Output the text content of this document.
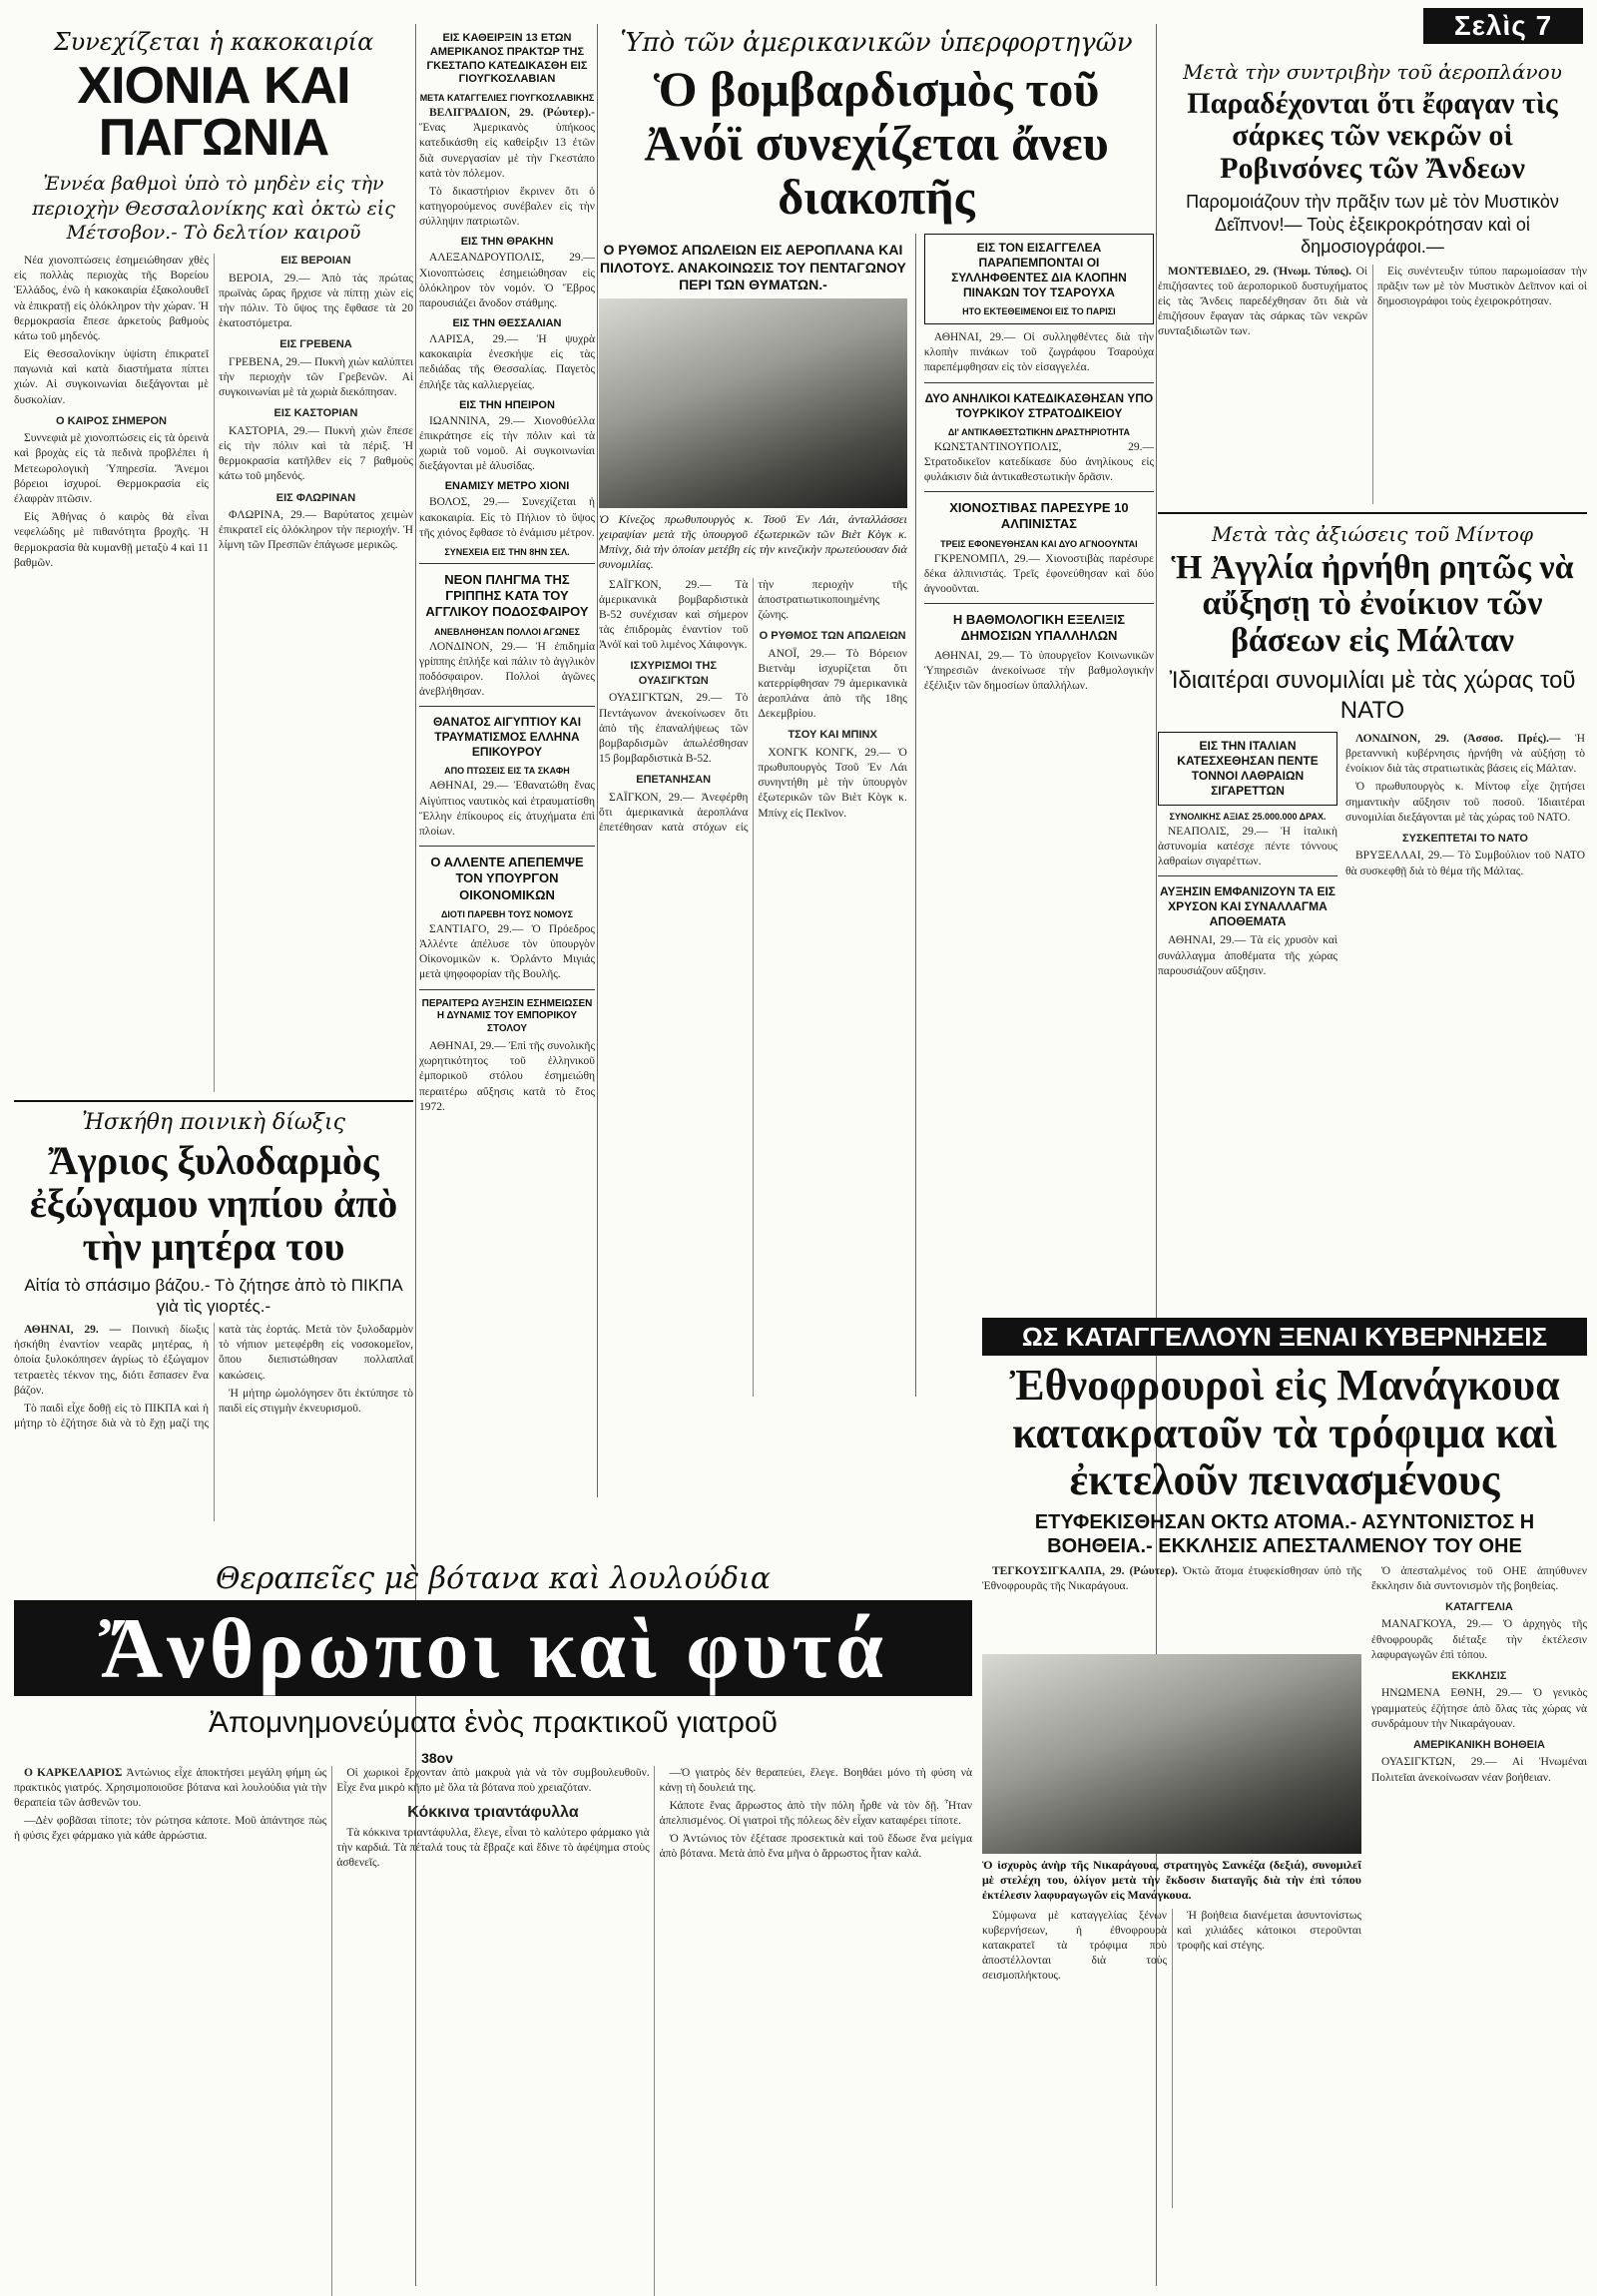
Σελὶς 7
Συνεχίζεται ἡ κακοκαιρία
ΧΙΟΝΙΑ ΚΑΙ ΠΑΓΩΝΙΑ
Ἐννέα βαθμοὶ ὑπὸ τὸ μηδὲν εἰς τὴν περιοχὴν Θεσσαλονίκης καὶ ὀκτὼ εἰς Μέτσοβον.- Τὸ δελτίον καιροῦ

Νέα χιονοπτώσεις ἐσημειώθησαν χθὲς εἰς πολλὰς περιοχὰς τῆς Βορείου Ἑλλάδος, ἐνῶ ἡ κακοκαιρία ἐξακολουθεῖ νὰ ἐπικρατῇ εἰς ὁλόκληρον τὴν χώραν. Ἡ θερμοκρασία ἔπεσε ἀρκετοὺς βαθμοὺς κάτω τοῦ μηδενός.

Εἰς Θεσσαλονίκην ὑψίστη ἐπικρατεῖ παγωνιὰ καὶ κατὰ διαστήματα πίπτει χιών. Αἱ συγκοινωνίαι διεξάγονται μὲ δυσκολίαν.

Ο ΚΑΙΡΟΣ ΣΗΜΕΡΟΝ

Συννεφιὰ μὲ χιονοπτώσεις εἰς τὰ ὀρεινὰ καὶ βροχὰς εἰς τὰ πεδινὰ προβλέπει ἡ Μετεωρολογικὴ Ὑπηρεσία. Ἄνεμοι βόρειοι ἰσχυροί. Θερμοκρασία εἰς ἐλαφρὰν πτῶσιν.

Εἰς Ἀθήνας ὁ καιρὸς θὰ εἶναι νεφελώδης μὲ πιθανότητα βροχῆς. Ἡ θερμοκρασία θὰ κυμανθῇ μεταξὺ 4 καὶ 11 βαθμῶν.

ΕΙΣ ΒΕΡΟΙΑΝ

ΒΕΡΟΙΑ, 29.— Ἀπὸ τὰς πρώτας πρωϊνὰς ὥρας ἤρχισε νὰ πίπτῃ χιὼν εἰς τὴν πόλιν. Τὸ ὕψος της ἔφθασε τὰ 20 ἑκατοστόμετρα.

ΕΙΣ ΓΡΕΒΕΝΑ

ΓΡΕΒΕΝΑ, 29.— Πυκνὴ χιὼν καλύπτει τὴν περιοχὴν τῶν Γρεβενῶν. Αἱ συγκοινωνίαι μὲ τὰ χωριὰ διεκόπησαν.

ΕΙΣ ΚΑΣΤΟΡΙΑΝ

ΚΑΣΤΟΡΙΑ, 29.— Πυκνὴ χιὼν ἔπεσε εἰς τὴν πόλιν καὶ τὰ πέριξ. Ἡ θερμοκρασία κατῆλθεν εἰς 7 βαθμοὺς κάτω τοῦ μηδενός.

ΕΙΣ ΦΛΩΡΙΝΑΝ

ΦΛΩΡΙΝΑ, 29.— Βαρύτατος χειμὼν ἐπικρατεῖ εἰς ὁλόκληρον τὴν περιοχήν. Ἡ λίμνη τῶν Πρεσπῶν ἐπάγωσε μερικῶς.

Ἠσκήθη ποινικὴ δίωξις
Ἄγριος ξυλοδαρμὸς ἐξώγαμου νηπίου ἀπὸ τὴν μητέρα του
Αἰτία τὸ σπάσιμο βάζου.- Τὸ ζήτησε ἀπὸ τὸ ΠΙΚΠΑ γιὰ τὶς γιορτές.-

ΑΘΗΝΑΙ, 29. — Ποινικὴ δίωξις ἠσκήθη ἐναντίον νεαρᾶς μητέρας, ἡ ὁποία ξυλοκόπησεν ἀγρίως τὸ ἐξώγαμον τετραετὲς τέκνον της, διότι ἔσπασεν ἕνα βάζον.

Τὸ παιδὶ εἶχε δοθῇ εἰς τὸ ΠΙΚΠΑ καὶ ἡ μήτηρ τὸ ἐζήτησε διὰ νὰ τὸ ἔχῃ μαζί της κατὰ τὰς ἑορτάς. Μετὰ τὸν ξυλοδαρμὸν τὸ νήπιον μετεφέρθη εἰς νοσοκομεῖον, ὅπου διεπιστώθησαν πολλαπλαῖ κακώσεις.

Ἡ μήτηρ ὡμολόγησεν ὅτι ἐκτύπησε τὸ παιδὶ εἰς στιγμὴν ἐκνευρισμοῦ.

ΕΙΣ ΚΑΘΕΙΡΞΙΝ 13 ΕΤΩΝ ΑΜΕΡΙΚΑΝΟΣ ΠΡΑΚΤΩΡ ΤΗΣ ΓΚΕΣΤΑΠΟ ΚΑΤΕΔΙΚΑΣΘΗ ΕΙΣ ΓΙΟΥΓΚΟΣΛΑΒΙΑΝ
ΜΕΤΑ ΚΑΤΑΓΓΕΛΙΕΣ ΓΙΟΥΓΚΟΣΛΑΒΙΚΗΣ

ΒΕΛΙΓΡΑΔΙΟΝ, 29. (Ρώυτερ).- Ἕνας Ἀμερικανὸς ὑπήκοος κατεδικάσθη εἰς καθείρξιν 13 ἐτῶν διὰ συνεργασίαν μὲ τὴν Γκεστάπο κατὰ τὸν πόλεμον.

Τὸ δικαστήριον ἔκρινεν ὅτι ὁ κατηγορούμενος συνέβαλεν εἰς τὴν σύλληψιν πατριωτῶν.

ΕΙΣ ΤΗΝ ΘΡΑΚΗΝ

ΑΛΕΞΑΝΔΡΟΥΠΟΛΙΣ, 29.— Χιονοπτώσεις ἐσημειώθησαν εἰς ὁλόκληρον τὸν νομόν. Ὁ Ἕβρος παρουσιάζει ἄνοδον στάθμης.

ΕΙΣ ΤΗΝ ΘΕΣΣΑΛΙΑΝ

ΛΑΡΙΣΑ, 29.— Ἡ ψυχρὰ κακοκαιρία ἐνεσκήψε εἰς τὰς πεδιάδας τῆς Θεσσαλίας. Παγετὸς ἐπλήξε τὰς καλλιεργείας.

ΕΙΣ ΤΗΝ ΗΠΕΙΡΟΝ

ΙΩΑΝΝΙΝΑ, 29.— Χιονοθύελλα ἐπικράτησε εἰς τὴν πόλιν καὶ τὰ χωριὰ τοῦ νομοῦ. Αἱ συγκοινωνίαι διεξάγονται μὲ ἀλυσίδας.

ΕΝΑΜΙΣΥ ΜΕΤΡΟ ΧΙΟΝΙ

ΒΟΛΟΣ, 29.— Συνεχίζεται ἡ κακοκαιρία. Εἰς τὸ Πήλιον τὸ ὕψος τῆς χιόνος ἔφθασε τὸ ἑνάμισυ μέτρον.

ΣΥΝΕΧΕΙΑ ΕΙΣ ΤΗΝ 8ΗΝ ΣΕΛ.
ΝΕΟΝ ΠΛΗΓΜΑ ΤΗΣ ΓΡΙΠΠΗΣ ΚΑΤΑ ΤΟΥ ΑΓΓΛΙΚΟΥ ΠΟΔΟΣΦΑΙΡΟΥ
ΑΝΕΒΛΗΘΗΣΑΝ ΠΟΛΛΟΙ ΑΓΩΝΕΣ

ΛΟΝΔΙΝΟΝ, 29.— Ἡ ἐπιδημία γρίππης ἐπλήξε καὶ πάλιν τὸ ἀγγλικὸν ποδόσφαιρον. Πολλοὶ ἀγῶνες ἀνεβλήθησαν.

ΘΑΝΑΤΟΣ ΑΙΓΥΠΤΙΟΥ ΚΑΙ ΤΡΑΥΜΑΤΙΣΜΟΣ ΕΛΛΗΝΑ ΕΠΙΚΟΥΡΟΥ
ΑΠΟ ΠΤΩΣΕΙΣ ΕΙΣ ΤΑ ΣΚΑΦΗ

ΑΘΗΝΑΙ, 29.— Ἐθανατώθη ἕνας Αἰγύπτιος ναυτικὸς καὶ ἐτραυματίσθη Ἕλλην ἐπίκουρος εἰς ἀτυχήματα ἐπὶ πλοίων.

Ο ΑΛΛΕΝΤΕ ΑΠΕΠΕΜΨΕ ΤΟΝ ΥΠΟΥΡΓΟΝ ΟΙΚΟΝΟΜΙΚΩΝ
ΔΙΟΤΙ ΠΑΡΕΒΗ ΤΟΥΣ ΝΟΜΟΥΣ

ΣΑΝΤΙΑΓΟ, 29.— Ὁ Πρόεδρος Ἀλλέντε ἀπέλυσε τὸν ὑπουργὸν Οἰκονομικῶν κ. Ὀρλάντο Μιγιάς μετὰ ψηφοφορίαν τῆς Βουλῆς.

ΠΕΡΑΙΤΕΡΩ ΑΥΞΗΣΙΝ ΕΣΗΜΕΙΩΣΕΝ Η ΔΥΝΑΜΙΣ ΤΟΥ ΕΜΠΟΡΙΚΟΥ ΣΤΟΛΟΥ

ΑΘΗΝΑΙ, 29.— Ἐπὶ τῆς συνολικῆς χωρητικότητος τοῦ ἑλληνικοῦ ἐμπορικοῦ στόλου ἐσημειώθη περαιτέρω αὔξησις κατὰ τὸ ἔτος 1972.

Ὑπὸ τῶν ἀμερικανικῶν ὑπερφορτηγῶν
Ὁ βομβαρδισμὸς τοῦ Ἀνόϊ συνεχίζεται ἄνευ διακοπῆς
Ο ΡΥΘΜΟΣ ΑΠΩΛΕΙΩΝ ΕΙΣ ΑΕΡΟΠΛΑΝΑ ΚΑΙ ΠΙΛΟΤΟΥΣ. ΑΝΑΚΟΙΝΩΣΙΣ ΤΟΥ ΠΕΝΤΑΓΩΝΟΥ ΠΕΡΙ ΤΩΝ ΘΥΜΑΤΩΝ.-
Ὁ Κίνεζος πρωθυπουργὸς κ. Τσοῦ Ἐν Λάι, ἀνταλλάσσει χειραψίαν μετὰ τῆς ὑπουργοῦ ἐξωτερικῶν τῶν Βιὲτ Κὸγκ κ. Μπίνχ, διὰ τὴν ὁποίαν μετέβη εἰς τὴν κινεζικὴν πρωτεύουσαν διὰ συνομιλίας.

ΣΑΪΓΚΟΝ, 29.— Τὰ ἀμερικανικὰ βομβαρδιστικὰ Β-52 συνέχισαν καὶ σήμερον τὰς ἐπιδρομὰς ἐναντίον τοῦ Ἀνόϊ καὶ τοῦ λιμένος Χάιφονγκ.

ΙΣΧΥΡΙΣΜΟΙ ΤΗΣ ΟΥΑΣΙΓΚΤΩΝ

ΟΥΑΣΙΓΚΤΩΝ, 29.— Τὸ Πεντάγωνον ἀνεκοίνωσεν ὅτι ἀπὸ τῆς ἐπαναλήψεως τῶν βομβαρδισμῶν ἀπωλέσθησαν 15 βομβαρδιστικὰ Β-52.

ΕΠΕΤΑΝΗΣΑΝ

ΣΑΪΓΚΟΝ, 29.— Ἀνεφέρθη ὅτι ἀμερικανικὰ ἀεροπλάνα ἐπετέθησαν κατὰ στόχων εἰς τὴν περιοχὴν τῆς ἀποστρατιωτικοποιημένης ζώνης.

Ο ΡΥΘΜΟΣ ΤΩΝ ΑΠΩΛΕΙΩΝ

ΑΝΟΪ, 29.— Τὸ Βόρειον Βιετνὰμ ἰσχυρίζεται ὅτι κατερρίφθησαν 79 ἀμερικανικὰ ἀεροπλάνα ἀπὸ τῆς 18ης Δεκεμβρίου.

ΤΣΟΥ ΚΑΙ ΜΠΙΝΧ

ΧΟΝΓΚ ΚΟΝΓΚ, 29.— Ὁ πρωθυπουργὸς Τσοῦ Ἐν Λάι συνηντήθη μὲ τὴν ὑπουργὸν ἐξωτερικῶν τῶν Βιὲτ Κὸγκ κ. Μπίνχ εἰς Πεκῖνον.

ΕΙΣ ΤΟΝ ΕΙΣΑΓΓΕΛΕΑ ΠΑΡΑΠΕΜΠΟΝΤΑΙ ΟΙ ΣΥΛΛΗΦΘΕΝΤΕΣ ΔΙΑ ΚΛΟΠΗΝ ΠΙΝΑΚΩΝ ΤΟΥ ΤΣΑΡΟΥΧΑ
ΗΤΟ ΕΚΤΕΘΕΙΜΕΝΟΙ ΕΙΣ ΤΟ ΠΑΡΙΣΙ

ΑΘΗΝΑΙ, 29.— Οἱ συλληφθέντες διὰ τὴν κλοπὴν πινάκων τοῦ ζωγράφου Τσαρούχα παρεπέμφθησαν εἰς τὸν εἰσαγγελέα.

ΔΥΟ ΑΝΗΛΙΚΟΙ ΚΑΤΕΔΙΚΑΣΘΗΣΑΝ ΥΠΟ ΤΟΥΡΚΙΚΟΥ ΣΤΡΑΤΟΔΙΚΕΙΟΥ
ΔΙ' ΑΝΤΙΚΑΘΕΣΤΩΤΙΚΗΝ ΔΡΑΣΤΗΡΙΟΤΗΤΑ

ΚΩΝΣΤΑΝΤΙΝΟΥΠΟΛΙΣ, 29.— Στρατοδικεῖον κατεδίκασε δύο ἀνηλίκους εἰς φυλάκισιν διὰ ἀντικαθεστωτικὴν δρᾶσιν.

ΧΙΟΝΟΣΤΙΒΑΣ ΠΑΡΕΣΥΡΕ 10 ΑΛΠΙΝΙΣΤΑΣ
ΤΡΕΙΣ ΕΦΟΝΕΥΘΗΣΑΝ ΚΑΙ ΔΥΟ ΑΓΝΟΟΥΝΤΑΙ

ΓΚΡΕΝΟΜΠΛ, 29.— Χιονοστιβὰς παρέσυρε δέκα ἀλπινιστάς. Τρεῖς ἐφονεύθησαν καὶ δύο ἀγνοοῦνται.

Η ΒΑΘΜΟΛΟΓΙΚΗ ΕΞΕΛΙΞΙΣ ΔΗΜΟΣΙΩΝ ΥΠΑΛΛΗΛΩΝ

ΑΘΗΝΑΙ, 29.— Τὸ ὑπουργεῖον Κοινωνικῶν Ὑπηρεσιῶν ἀνεκοίνωσε τὴν βαθμολογικὴν ἐξέλιξιν τῶν δημοσίων ὑπαλλήλων.

Μετὰ τὴν συντριβὴν τοῦ ἀεροπλάνου
Παραδέχονται ὅτι ἔφαγαν τὶς σάρκες τῶν νεκρῶν οἱ Ροβινσόνες τῶν Ἄνδεων
Παρομοιάζουν τὴν πρᾶξιν των μὲ τὸν Μυστικὸν Δεῖπνον!— Τοὺς ἐξεικροκρότησαν καὶ οἱ δημοσιογράφοι.—

ΜΟΝΤΕΒΙΔΕΟ, 29. (Ἡνωμ. Τύπος). Οἱ ἐπιζήσαντες τοῦ ἀεροπορικοῦ δυστυχήματος εἰς τὰς Ἄνδεις παρεδέχθησαν ὅτι διὰ νὰ ἐπιζήσουν ἔφαγαν τὰς σάρκας τῶν νεκρῶν συνταξιδιωτῶν των.

Εἰς συνέντευξιν τύπου παρωμοίασαν τὴν πρᾶξιν των μὲ τὸν Μυστικὸν Δεῖπνον καὶ οἱ δημοσιογράφοι τοὺς ἐχειροκρότησαν.

Μετὰ τὰς ἀξιώσεις τοῦ Μίντοφ
Ἡ Ἀγγλία ἠρνήθη ρητῶς νὰ αὔξησῃ τὸ ἐνοίκιον τῶν βάσεων εἰς Μάλταν
Ἰδιαιτέραι συνομιλίαι μὲ τὰς χώρας τοῦ ΝΑΤΟ
ΕΙΣ ΤΗΝ ΙΤΑΛΙΑΝ ΚΑΤΕΣΧΕΘΗΣΑΝ ΠΕΝΤΕ ΤΟΝΝΟΙ ΛΑΘΡΑΙΩΝ ΣΙΓΑΡΕΤΤΩΝ
ΣΥΝΟΛΙΚΗΣ ΑΞΙΑΣ 25.000.000 ΔΡΑΧ.

ΝΕΑΠΟΛΙΣ, 29.— Ἡ ἰταλικὴ ἀστυνομία κατέσχε πέντε τόννους λαθραίων σιγαρέττων.

ΑΥΞΗΣΙΝ ΕΜΦΑΝΙΖΟΥΝ ΤΑ ΕΙΣ ΧΡΥΣΟΝ ΚΑΙ ΣΥΝΑΛΛΑΓΜΑ ΑΠΟΘΕΜΑΤΑ

ΑΘΗΝΑΙ, 29.— Τὰ εἰς χρυσὸν καὶ συνάλλαγμα ἀποθέματα τῆς χώρας παρουσιάζουν αὔξησιν.

ΛΟΝΔΙΝΟΝ, 29. (Ἀσσοσ. Πρές).— Ἡ βρεταννικὴ κυβέρνησις ἠρνήθη νὰ αὐξήσῃ τὸ ἐνοίκιον διὰ τὰς στρατιωτικὰς βάσεις εἰς Μάλταν.

Ὁ πρωθυπουργὸς κ. Μίντοφ εἶχε ζητήσει σημαντικὴν αὔξησιν τοῦ ποσοῦ. Ἰδιαιτέραι συνομιλίαι διεξάγονται μὲ τὰς χώρας τοῦ ΝΑΤΟ.

ΣΥΣΚΕΠΤΕΤΑΙ ΤΟ ΝΑΤΟ

ΒΡΥΞΕΛΛΑΙ, 29.— Τὸ Συμβούλιον τοῦ ΝΑΤΟ θὰ συσκεφθῇ διὰ τὸ θέμα τῆς Μάλτας.

ΩΣ ΚΑΤΑΓΓΕΛΛΟΥΝ ΞΕΝΑΙ ΚΥΒΕΡΝΗΣΕΙΣ
Ἐθνοφρουροὶ εἰς Μανάγκουα κατακρατοῦν τὰ τρόφιμα καὶ ἐκτελοῦν πεινασμένους
ΕΤΥΦΕΚΙΣΘΗΣΑΝ ΟΚΤΩ ΑΤΟΜΑ.- ΑΣΥΝΤΟΝΙΣΤΟΣ Η ΒΟΗΘΕΙΑ.- ΕΚΚΛΗΣΙΣ ΑΠΕΣΤΑΛΜΕΝΟΥ ΤΟΥ ΟΗΕ

ΤΕΓΚΟΥΣΙΓΚΑΛΠΑ, 29. (Ρώυτερ). Ὀκτὼ ἄτομα ἐτυφεκίσθησαν ὑπὸ τῆς Ἐθνοφρουρᾶς τῆς Νικαράγουα.

Ὁ ἰσχυρὸς ἀνὴρ τῆς Νικαράγουα, στρατηγὸς Σανκέζα (δεξιά), συνομιλεῖ μὲ στελέχη του, ὀλίγον μετὰ τὴν ἔκδοσιν διαταγῆς διὰ τὴν ἐπὶ τόπου ἐκτέλεσιν λαφυραγωγῶν εἰς Μανάγκουα.

Σύμφωνα μὲ καταγγελίας ξένων κυβερνήσεων, ἡ ἐθνοφρουρὰ κατακρατεῖ τὰ τρόφιμα ποὺ ἀποστέλλονται διὰ τοὺς σεισμοπλήκτους.

Ἡ βοήθεια διανέμεται ἀσυντονίστως καὶ χιλιάδες κάτοικοι στεροῦνται τροφῆς καὶ στέγης.

Ὁ ἀπεσταλμένος τοῦ ΟΗΕ ἀπηύθυνεν ἔκκλησιν διὰ συντονισμὸν τῆς βοηθείας.

ΚΑΤΑΓΓΕΛΙΑ

ΜΑΝΑΓΚΟΥΑ, 29.— Ὁ ἀρχηγὸς τῆς ἐθνοφρουρᾶς διέταξε τὴν ἐκτέλεσιν λαφυραγωγῶν ἐπὶ τόπου.

ΕΚΚΛΗΣΙΣ

ΗΝΩΜΕΝΑ ΕΘΝΗ, 29.— Ὁ γενικὸς γραμματεὺς ἐζήτησε ἀπὸ ὅλας τὰς χώρας νὰ συνδράμουν τὴν Νικαράγουαν.

ΑΜΕΡΙΚΑΝΙΚΗ ΒΟΗΘΕΙΑ

ΟΥΑΣΙΓΚΤΩΝ, 29.— Αἱ Ἡνωμέναι Πολιτεῖαι ἀνεκοίνωσαν νέαν βοήθειαν.

Θεραπεῖες μὲ βότανα καὶ λουλούδια
Ἄνθρωποι καὶ φυτά
Ἀπομνημονεύματα ἑνὸς πρακτικοῦ γιατροῦ
38ον

Ο ΚΑΡΚΕΛΑΡΙΟΣ Ἀντώνιος εἶχε ἀποκτήσει μεγάλη φήμη ὡς πρακτικὸς γιατρός. Χρησιμοποιοῦσε βότανα καὶ λουλούδια γιὰ τὴν θεραπεία τῶν ἀσθενῶν του.

—Δὲν φοβᾶσαι τίποτε; τὸν ρώτησα κάποτε. Μοῦ ἀπάντησε πὼς ἡ φύσις ἔχει φάρμακο γιὰ κάθε ἀρρώστια.

Οἱ χωρικοὶ ἔρχονταν ἀπὸ μακρυὰ γιὰ νὰ τὸν συμβουλευθοῦν. Εἶχε ἕνα μικρὸ κῆπο μὲ ὅλα τὰ βότανα ποὺ χρειαζόταν.

Κόκκινα τριαντάφυλλα

Τὰ κόκκινα τριαντάφυλλα, ἔλεγε, εἶναι τὸ καλύτερο φάρμακο γιὰ τὴν καρδιά. Τὰ πέταλά τους τὰ ἔβραζε καὶ ἔδινε τὸ ἀφέψημα στοὺς ἀσθενεῖς.

—Ὁ γιατρὸς δὲν θεραπεύει, ἔλεγε. Βοηθάει μόνο τὴ φύση νὰ κάνῃ τὴ δουλειά της.

Κάποτε ἕνας ἄρρωστος ἀπὸ τὴν πόλη ἦρθε νὰ τὸν δῇ. Ἦταν ἀπελπισμένος. Οἱ γιατροὶ τῆς πόλεως δὲν εἶχαν καταφέρει τίποτε.

Ὁ Ἀντώνιος τὸν ἐξέτασε προσεκτικὰ καὶ τοῦ ἔδωσε ἕνα μείγμα ἀπὸ βότανα. Μετὰ ἀπὸ ἕνα μῆνα ὁ ἄρρωστος ἦταν καλά.
